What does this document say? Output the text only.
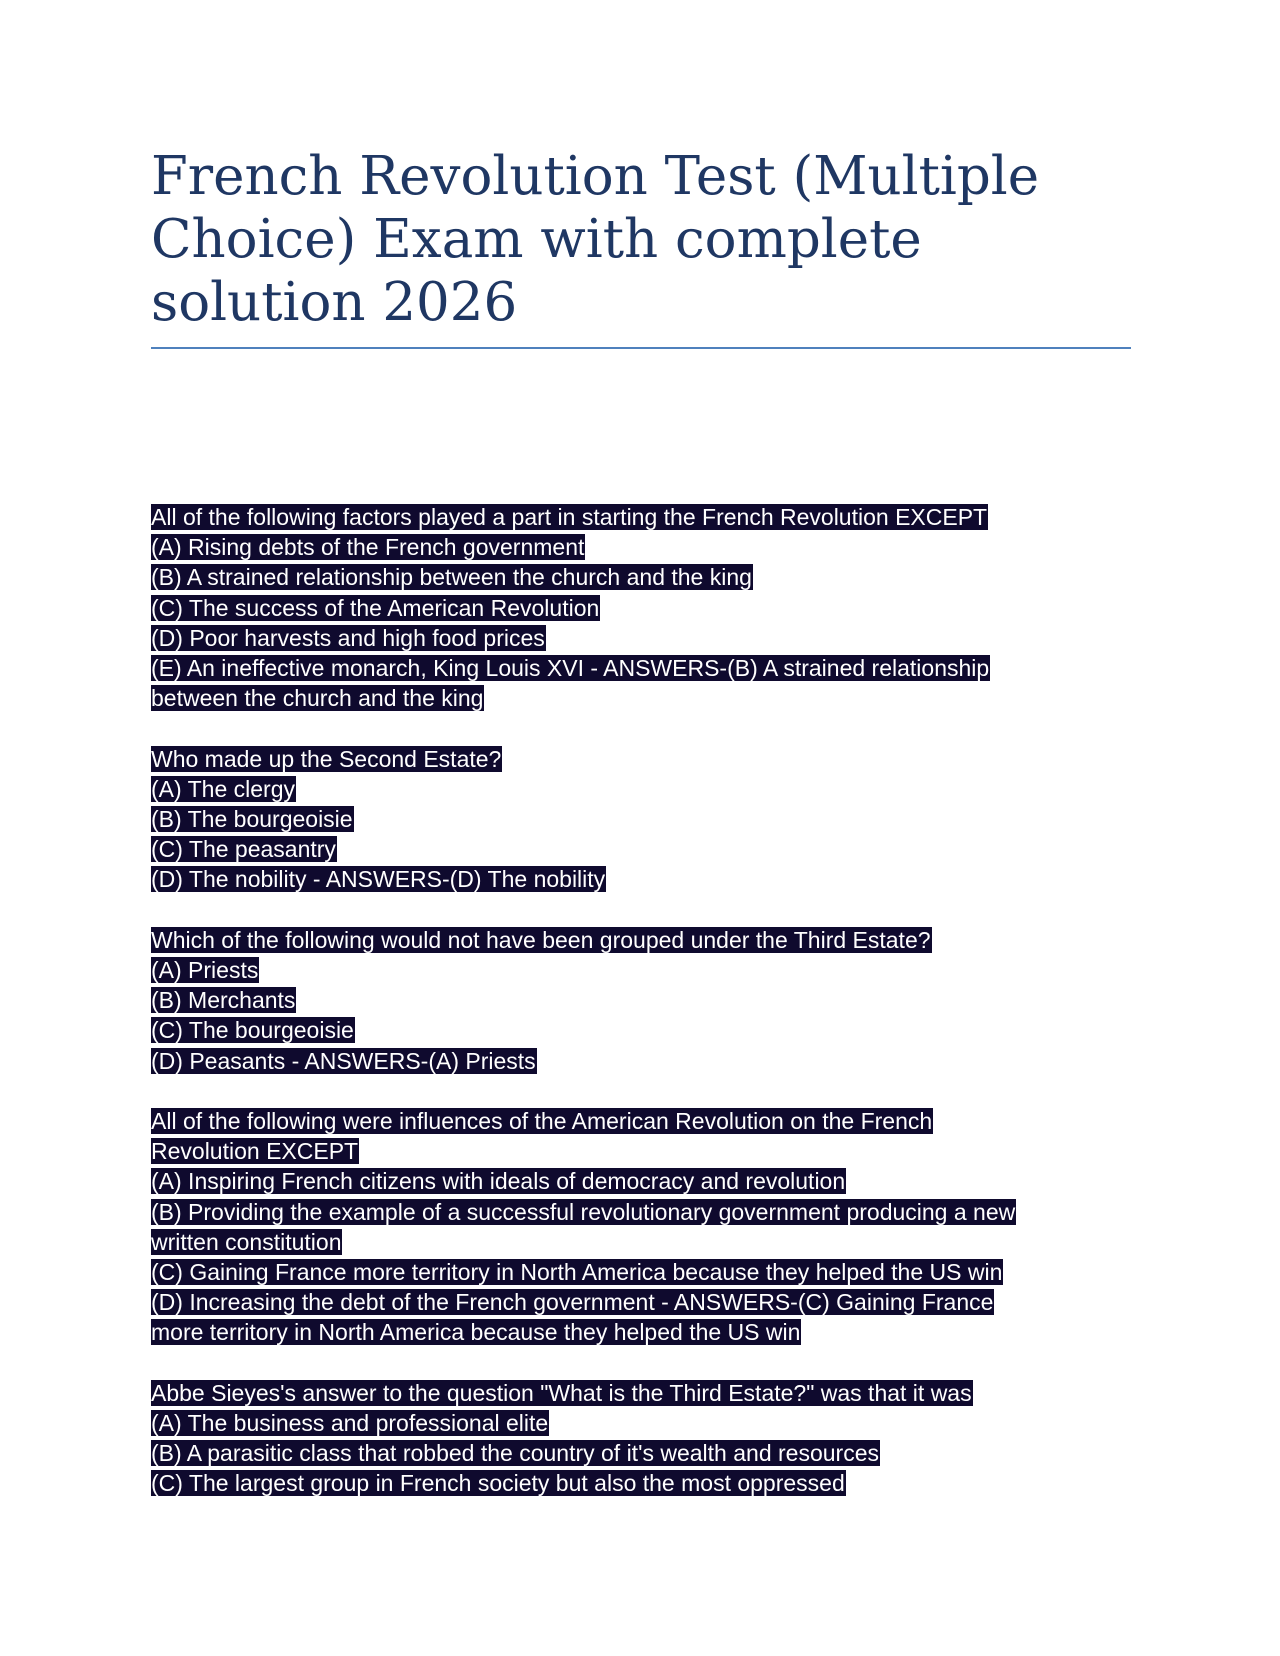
French Revolution Test (Multiple Choice) Exam with complete solution 2026
All of the following factors played a part in starting the French Revolution EXCEPT
(A) Rising debts of the French government
(B) A strained relationship between the church and the king
(C) The success of the American Revolution
(D) Poor harvests and high food prices
(E) An ineffective monarch, King Louis XVI - ANSWERS-(B) A strained relationship
between the church and the king
Who made up the Second Estate?
(A) The clergy
(B) The bourgeoisie
(C) The peasantry
(D) The nobility - ANSWERS-(D) The nobility
Which of the following would not have been grouped under the Third Estate?
(A) Priests
(B) Merchants
(C) The bourgeoisie
(D) Peasants - ANSWERS-(A) Priests
All of the following were influences of the American Revolution on the French
Revolution EXCEPT
(A) Inspiring French citizens with ideals of democracy and revolution
(B) Providing the example of a successful revolutionary government producing a new
written constitution
(C) Gaining France more territory in North America because they helped the US win
(D) Increasing the debt of the French government - ANSWERS-(C) Gaining France
more territory in North America because they helped the US win
Abbe Sieyes's answer to the question "What is the Third Estate?" was that it was
(A) The business and professional elite
(B) A parasitic class that robbed the country of it's wealth and resources
(C) The largest group in French society but also the most oppressed
